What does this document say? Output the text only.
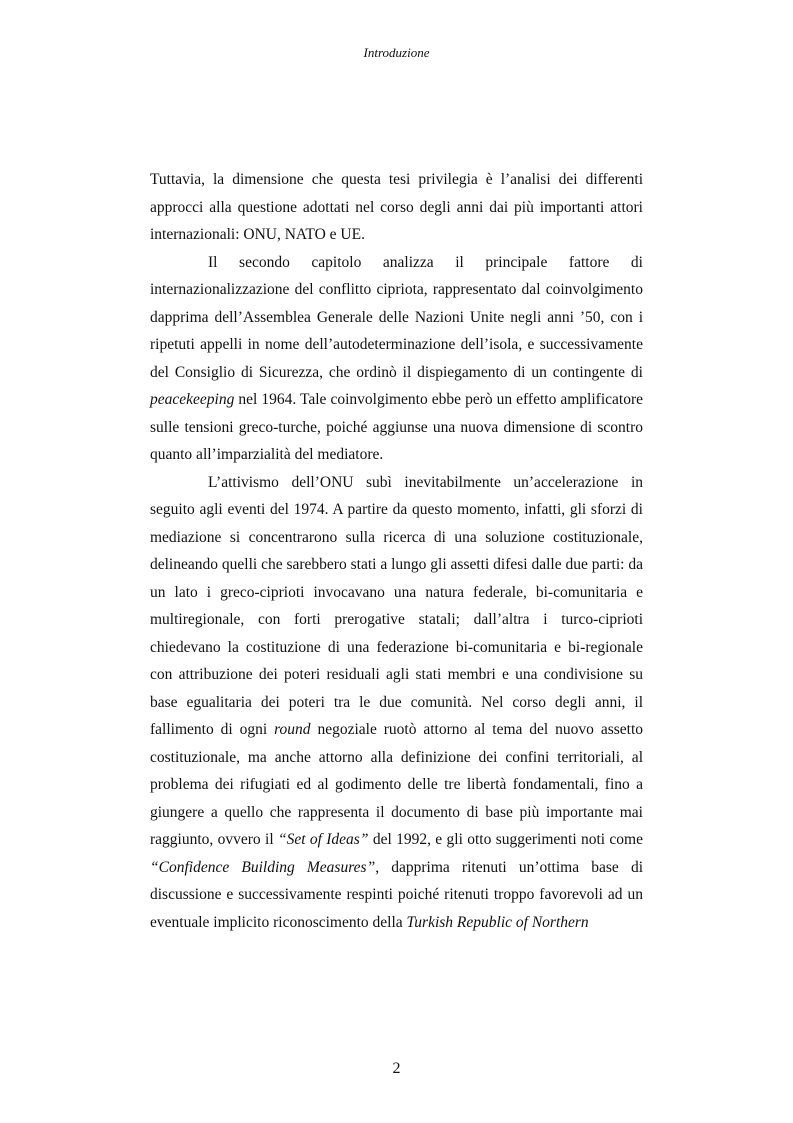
Introduzione

Tuttavia, la dimensione che questa tesi privilegia è l’analisi dei differenti approcci alla questione adottati nel corso degli anni dai più importanti attori internazionali: ONU, NATO e UE.

Il secondo capitolo analizza il principale fattore di internazionalizzazione del conflitto cipriota, rappresentato dal coinvolgimento dapprima dell’Assemblea Generale delle Nazioni Unite negli anni ’50, con i ripetuti appelli in nome dell’autodeterminazione dell’isola, e successivamente del Consiglio di Sicurezza, che ordinò il dispiegamento di un contingente di peacekeeping nel 1964. Tale coinvolgimento ebbe però un effetto amplificatore sulle tensioni greco-turche, poiché aggiunse una nuova dimensione di scontro quanto all’imparzialità del mediatore.

L’attivismo dell’ONU subì inevitabilmente un’accelerazione in seguito agli eventi del 1974. A partire da questo momento, infatti, gli sforzi di mediazione si concentrarono sulla ricerca di una soluzione costituzionale, delineando quelli che sarebbero stati a lungo gli assetti difesi dalle due parti: da un lato i greco-ciprioti invocavano una natura federale, bi-comunitaria e multiregionale, con forti prerogative statali; dall’altra i turco-ciprioti chiedevano la costituzione di una federazione bi-comunitaria e bi-regionale con attribuzione dei poteri residuali agli stati membri e una condivisione su base egualitaria dei poteri tra le due comunità. Nel corso degli anni, il fallimento di ogni round negoziale ruotò attorno al tema del nuovo assetto costituzionale, ma anche attorno alla definizione dei confini territoriali, al problema dei rifugiati ed al godimento delle tre libertà fondamentali, fino a giungere a quello che rappresenta il documento di base più importante mai raggiunto, ovvero il “Set of Ideas” del 1992, e gli otto suggerimenti noti come “Confidence Building Measures”, dapprima ritenuti un’ottima base di discussione e successivamente respinti poiché ritenuti troppo favorevoli ad un eventuale implicito riconoscimento della Turkish Republic of Northern

2
